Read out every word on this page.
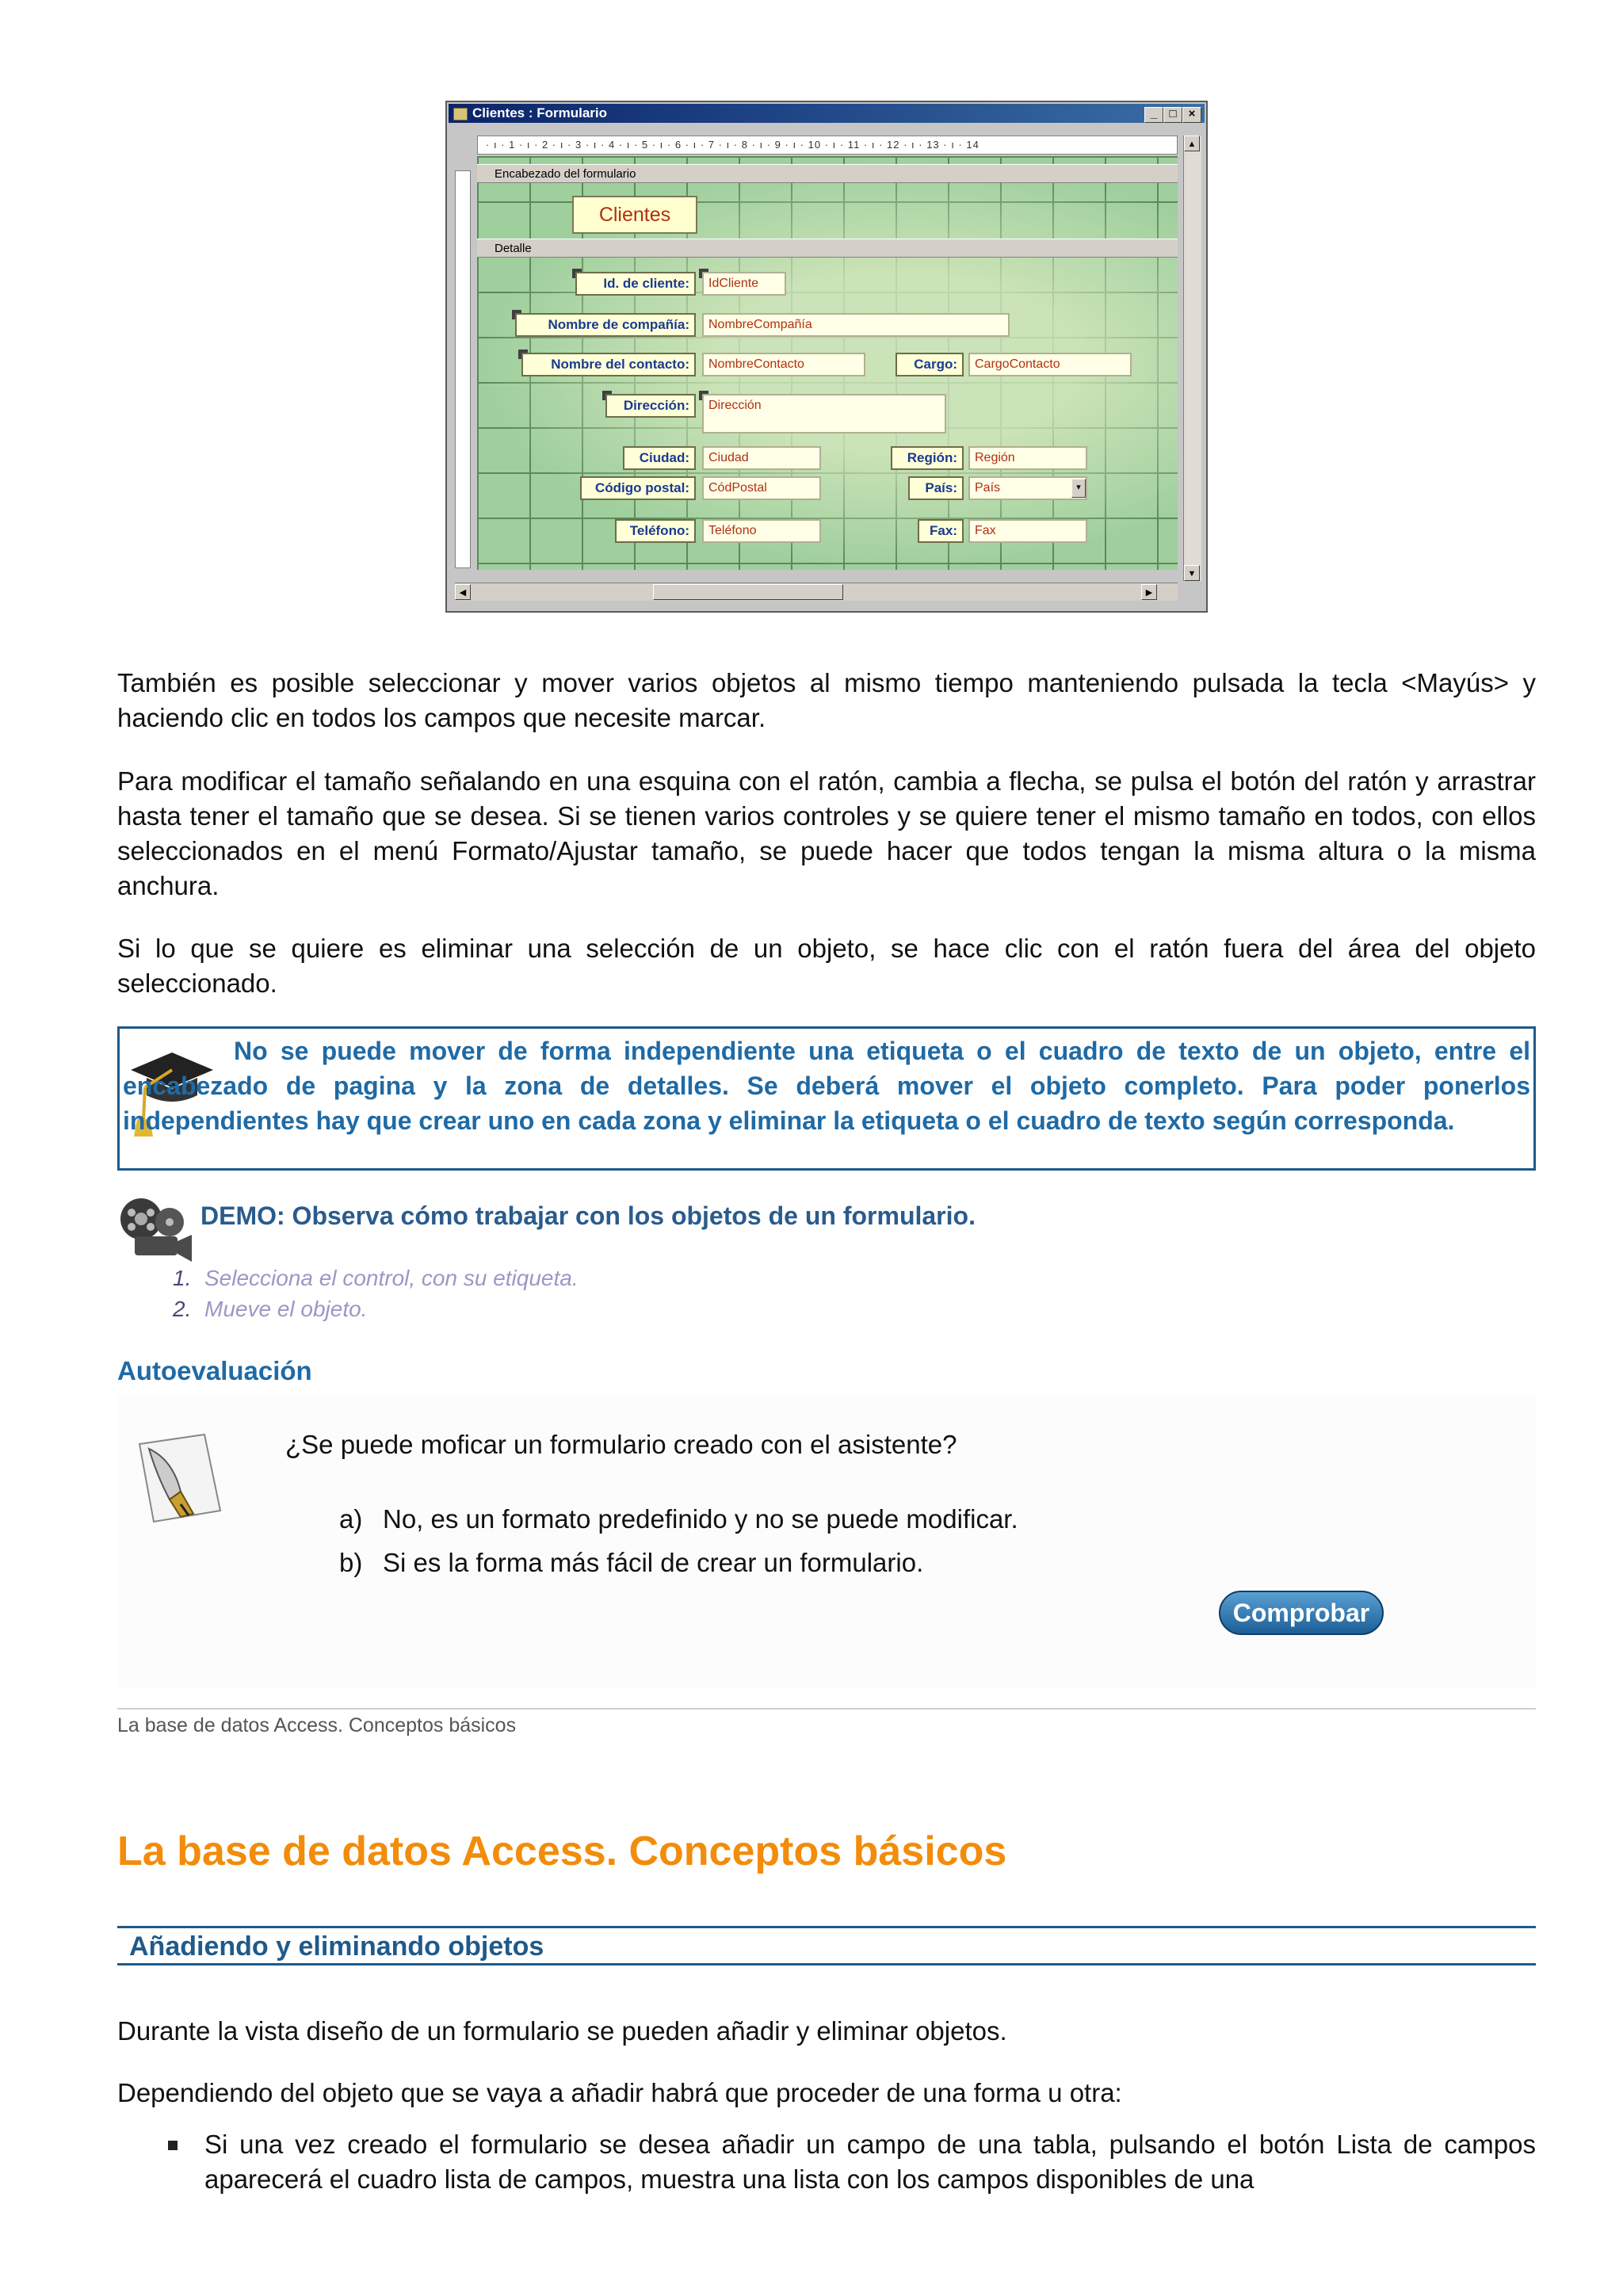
Clientes : Formulario	_	□	×
· ı · 1 · ı · 2 · ı · 3 · ı · 4 · ı · 5 · ı · 6 · ı · 7 · ı · 8 · ı · 9 · ı · 10 · ı · 11 · ı · 12 · ı · 13 · ı · 14
Encabezado del formulario
Clientes
Detalle
Id. de cliente:	IdCliente
Nombre de compañía:	NombreCompañía
Nombre del contacto:	NombreContacto	Cargo:	CargoContacto
Dirección:	Dirección
Ciudad:	Ciudad	Región:	Región
Código postal:	CódPostal	País:	País	▾
Teléfono:	Teléfono	Fax:	Fax
▲
▼
◀	▶

También es posible seleccionar y mover varios objetos al mismo tiempo manteniendo pulsada la tecla <Mayús> y haciendo clic en todos los campos que necesite marcar.

Para modificar el tamaño señalando en una esquina con el ratón, cambia a flecha, se pulsa el botón del ratón y arrastrar hasta tener el tamaño que se desea. Si se tienen varios controles y se quiere tener el mismo tamaño en todos, con ellos seleccionados en el menú Formato/Ajustar tamaño, se puede hacer que todos tengan la misma altura o la misma anchura.

Si lo que se quiere es eliminar una selección de un objeto, se hace clic con el ratón fuera del área del objeto seleccionado.

No se puede mover de forma independiente una etiqueta o el cuadro de texto de un objeto, entre el encabezado de pagina y la zona de detalles. Se deberá mover el objeto completo. Para poder ponerlos independientes hay que crear uno en cada zona y eliminar la etiqueta o el cuadro de texto según corresponda.
DEMO: Observa cómo trabajar con los objetos de un formulario.
1. Selecciona el control, con su etiqueta.
2. Mueve el objeto.
Autoevaluación
¿Se puede moficar un formulario creado con el asistente?
a) No, es un formato predefinido y no se puede modificar.
b) Si es la forma más fácil de crear un formulario.
Comprobar
La base de datos Access. Conceptos básicos
La base de datos Access. Conceptos básicos
Añadiendo y eliminando objetos

Durante la vista diseño de un formulario se pueden añadir y eliminar objetos.

Dependiendo del objeto que se vaya a añadir habrá que proceder de una forma u otra:

Si una vez creado el formulario se desea añadir un campo de una tabla, pulsando el botón Lista de campos aparecerá el cuadro lista de campos, muestra una lista con los campos disponibles de una
